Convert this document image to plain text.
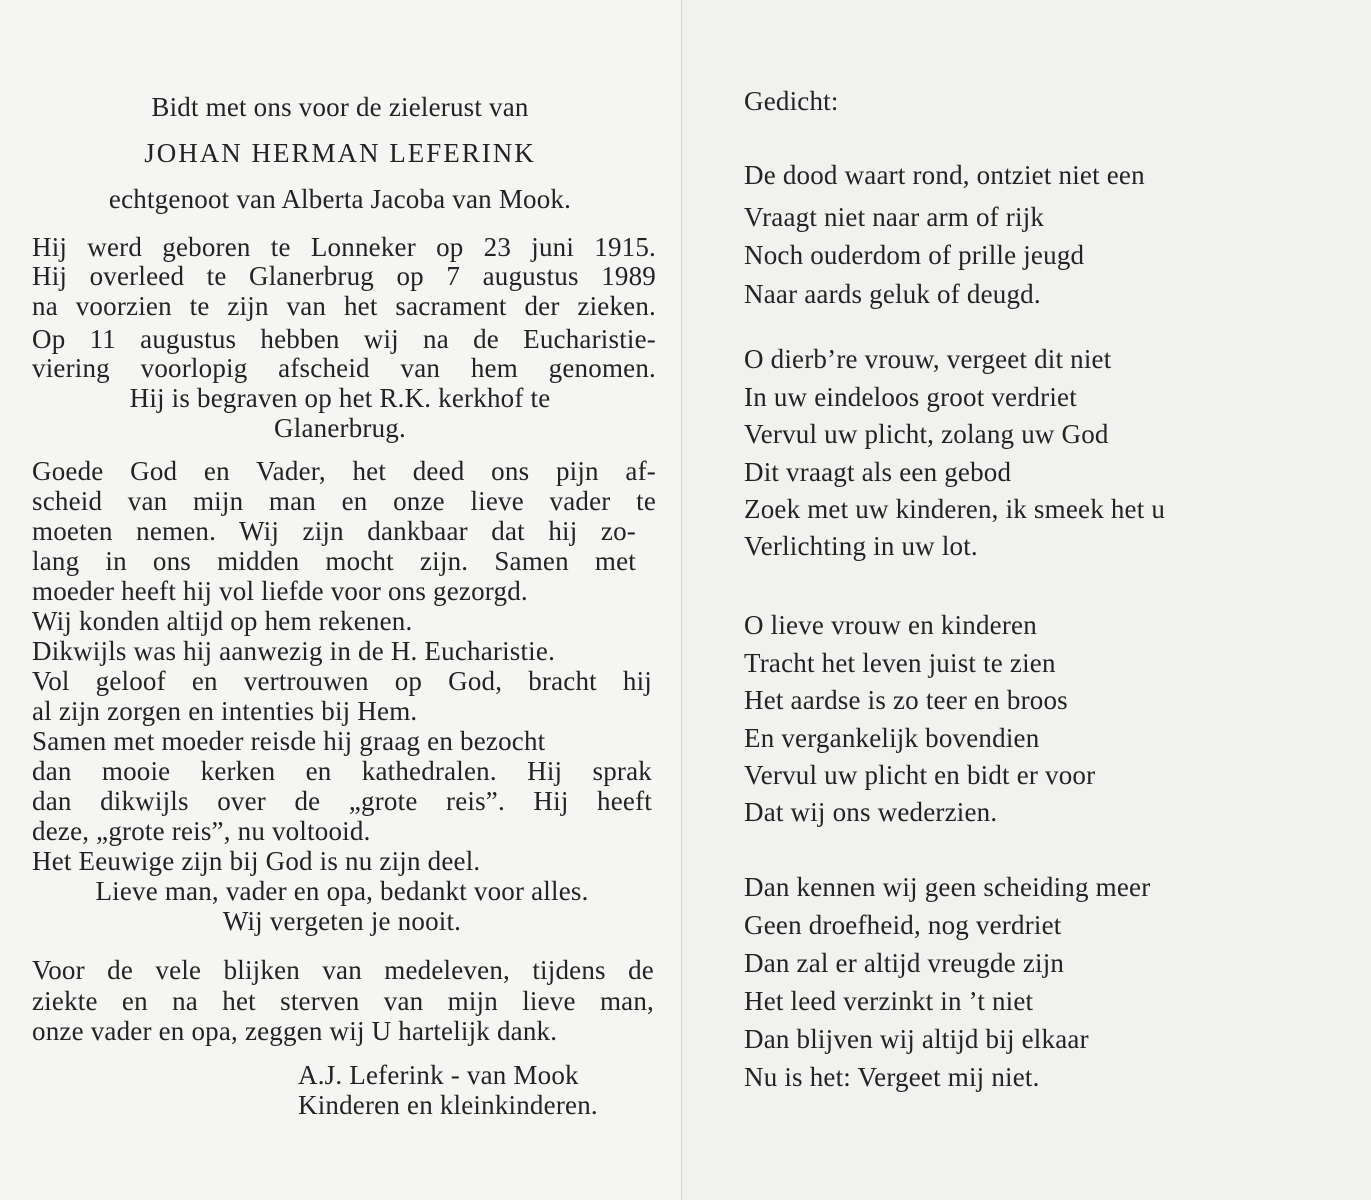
Bidt met ons voor de zielerust van
JOHAN HERMAN LEFERINK
echtgenoot van Alberta Jacoba van Mook.
Hij werd geboren te Lonneker op 23 juni 1915.
Hij overleed te Glanerbrug op 7 augustus 1989
na voorzien te zijn van het sacrament der zieken.
Op 11 augustus hebben wij na de Eucharistie-
viering voorlopig afscheid van hem genomen.
Hij is begraven op het R.K. kerkhof te
Glanerbrug.
Goede God en Vader, het deed ons pijn af-
scheid van mijn man en onze lieve vader te
moeten nemen. Wij zijn dankbaar dat hij zo-
lang in ons midden mocht zijn. Samen met
moeder heeft hij vol liefde voor ons gezorgd.
Wij konden altijd op hem rekenen.
Dikwijls was hij aanwezig in de H. Eucharistie.
Vol geloof en vertrouwen op God, bracht hij
al zijn zorgen en intenties bij Hem.
Samen met moeder reisde hij graag en bezocht
dan mooie kerken en kathedralen. Hij sprak
dan dikwijls over de „grote reis”. Hij heeft
deze, „grote reis”, nu voltooid.
Het Eeuwige zijn bij God is nu zijn deel.
Lieve man, vader en opa, bedankt voor alles.
Wij vergeten je nooit.
Voor de vele blijken van medeleven, tijdens de
ziekte en na het sterven van mijn lieve man,
onze vader en opa, zeggen wij U hartelijk dank.
A.J. Leferink - van Mook
Kinderen en kleinkinderen.
Gedicht:
De dood waart rond, ontziet niet een
Vraagt niet naar arm of rijk
Noch ouderdom of prille jeugd
Naar aards geluk of deugd.
O dierb’re vrouw, vergeet dit niet
In uw eindeloos groot verdriet
Vervul uw plicht, zolang uw God
Dit vraagt als een gebod
Zoek met uw kinderen, ik smeek het u
Verlichting in uw lot.
O lieve vrouw en kinderen
Tracht het leven juist te zien
Het aardse is zo teer en broos
En vergankelijk bovendien
Vervul uw plicht en bidt er voor
Dat wij ons wederzien.
Dan kennen wij geen scheiding meer
Geen droefheid, nog verdriet
Dan zal er altijd vreugde zijn
Het leed verzinkt in ’t niet
Dan blijven wij altijd bij elkaar
Nu is het: Vergeet mij niet.
